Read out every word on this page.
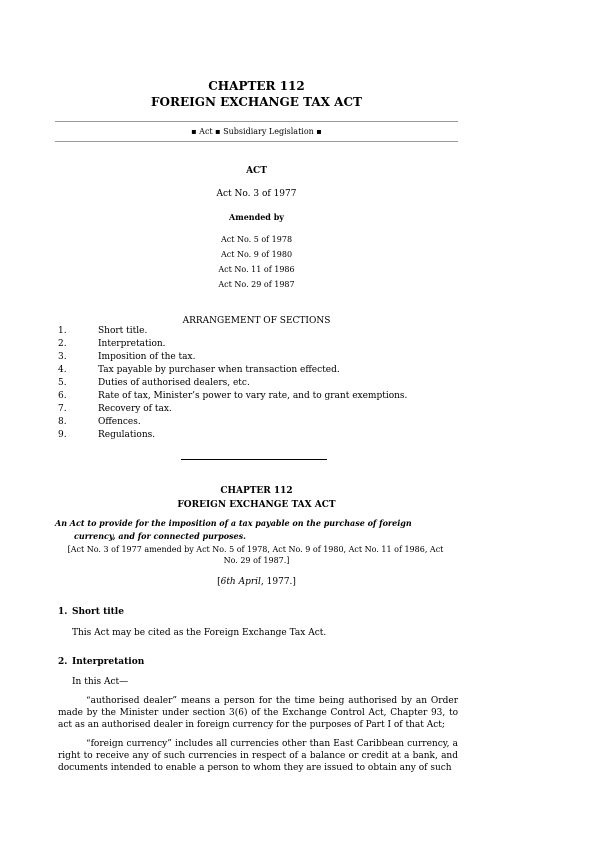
CHAPTER 112
FOREIGN EXCHANGE TAX ACT
▪ Act ▪ Subsidiary Legislation ▪
ACT
Act No. 3 of 1977
Amended by
Act No. 5 of 1978
Act No. 9 of 1980
Act No. 11 of 1986
Act No. 29 of 1987
ARRANGEMENT OF SECTIONS
1.	Short title.
2.	Interpretation.
3.	Imposition of the tax.
4.	Tax payable by purchaser when transaction effected.
5.	Duties of authorised dealers, etc.
6.	Rate of tax, Minister’s power to vary rate, and to grant exemptions.
7.	Recovery of tax.
8.	Offences.
9.	Regulations.
CHAPTER 112
FOREIGN EXCHANGE TAX ACT
An Act to provide for the imposition of a tax payable on the purchase of foreign
currency, and for connected purposes.
[Act No. 3 of 1977 amended by Act No. 5 of 1978, Act No. 9 of 1980, Act No. 11 of 1986, Act
No. 29 of 1987.]
[6th April, 1977.]
1. Short title
This Act may be cited as the Foreign Exchange Tax Act.
2. Interpretation
In this Act—
“authorised dealer” means a person for the time being authorised by an Order made by the Minister under section 3(6) of the Exchange Control Act, Chapter 93, to act as an authorised dealer in foreign currency for the purposes of Part I of that Act;
“foreign currency” includes all currencies other than East Caribbean currency, a right to receive any of such currencies in respect of a balance or credit at a bank, and documents intended to enable a person to whom they are issued to obtain any of such
